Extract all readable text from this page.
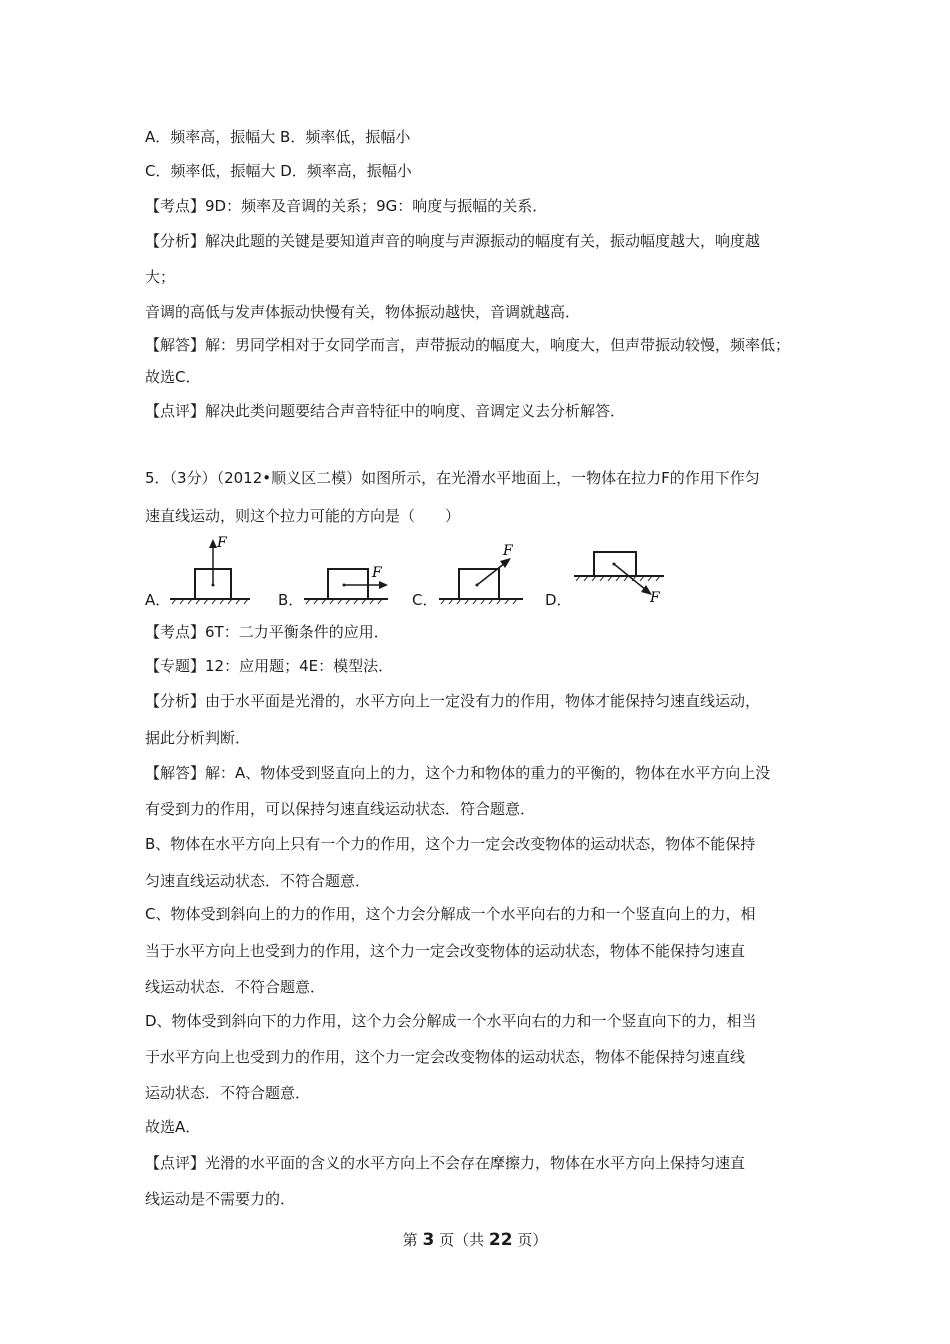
A．频率高，振幅大 B．频率低，振幅小
C．频率低，振幅大 D．频率高，振幅小
【考点】9D：频率及音调的关系；9G：响度与振幅的关系．
【分析】解决此题的关键是要知道声音的响度与声源振动的幅度有关，振动幅度越大，响度越
大；
音调的高低与发声体振动快慢有关，物体振动越快，音调就越高．
【解答】解：男同学相对于女同学而言，声带振动的幅度大，响度大，但声带振动较慢，频率低；
故选C．
【点评】解决此类问题要结合声音特征中的响度、音调定义去分析解答．
5．（3分）（2012•顺义区二模）如图所示，在光滑水平地面上，一物体在拉力F的作用下作匀
速直线运动，则这个拉力可能的方向是（　　）
A．
F
B．
F
C．
F
D．	F
【考点】6T：二力平衡条件的应用．
【专题】12：应用题；4E：模型法．
【分析】由于水平面是光滑的，水平方向上一定没有力的作用，物体才能保持匀速直线运动，
据此分析判断．
【解答】解：A、物体受到竖直向上的力，这个力和物体的重力的平衡的，物体在水平方向上没
有受到力的作用，可以保持匀速直线运动状态．符合题意．
B、物体在水平方向上只有一个力的作用，这个力一定会改变物体的运动状态，物体不能保持
匀速直线运动状态．不符合题意．
C、物体受到斜向上的力的作用，这个力会分解成一个水平向右的力和一个竖直向上的力，相
当于水平方向上也受到力的作用，这个力一定会改变物体的运动状态，物体不能保持匀速直
线运动状态．不符合题意．
D、物体受到斜向下的力作用，这个力会分解成一个水平向右的力和一个竖直向下的力，相当
于水平方向上也受到力的作用，这个力一定会改变物体的运动状态，物体不能保持匀速直线
运动状态．不符合题意．
故选A．
【点评】光滑的水平面的含义的水平方向上不会存在摩擦力，物体在水平方向上保持匀速直
线运动是不需要力的．
第 3 页（共 22 页）
